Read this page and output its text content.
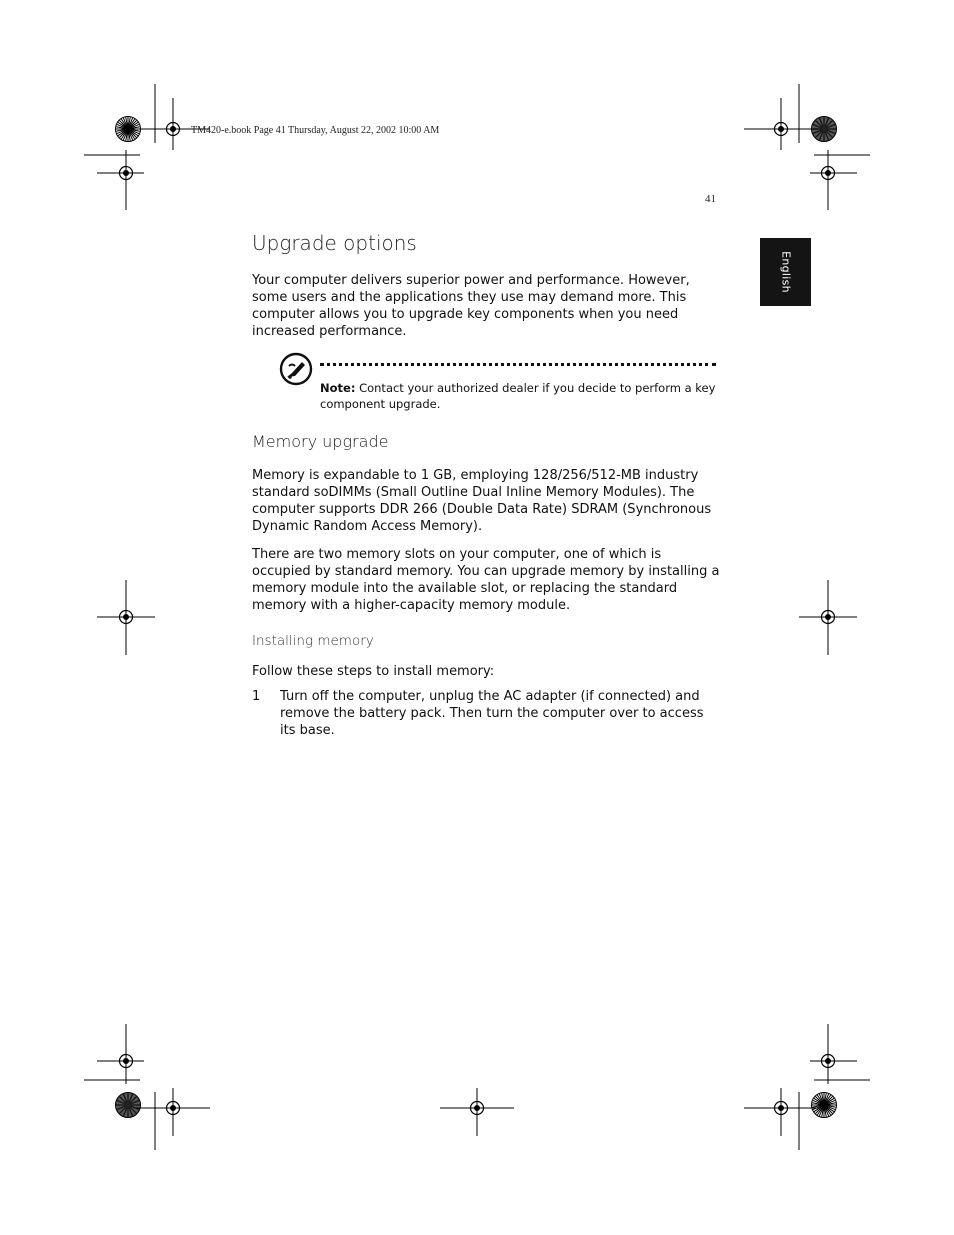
TM420-e.book Page 41 Thursday, August 22, 2002 10:00 AM
41
English
Upgrade options
Your computer delivers superior power and performance. However, some users and the applications they use may demand more. This computer allows you to upgrade key components when you need increased performance.
Note: Contact your authorized dealer if you decide to perform a key component upgrade.
Memory upgrade
Memory is expandable to 1 GB, employing 128/256/512-MB industry standard soDIMMs (Small Outline Dual Inline Memory Modules). The computer supports DDR 266 (Double Data Rate) SDRAM (Synchronous Dynamic Random Access Memory).
There are two memory slots on your computer, one of which is occupied by standard memory. You can upgrade memory by installing a memory module into the available slot, or replacing the standard memory with a higher-capacity memory module.
Installing memory
Follow these steps to install memory:
1 Turn off the computer, unplug the AC adapter (if connected) and remove the battery pack. Then turn the computer over to access its base.
